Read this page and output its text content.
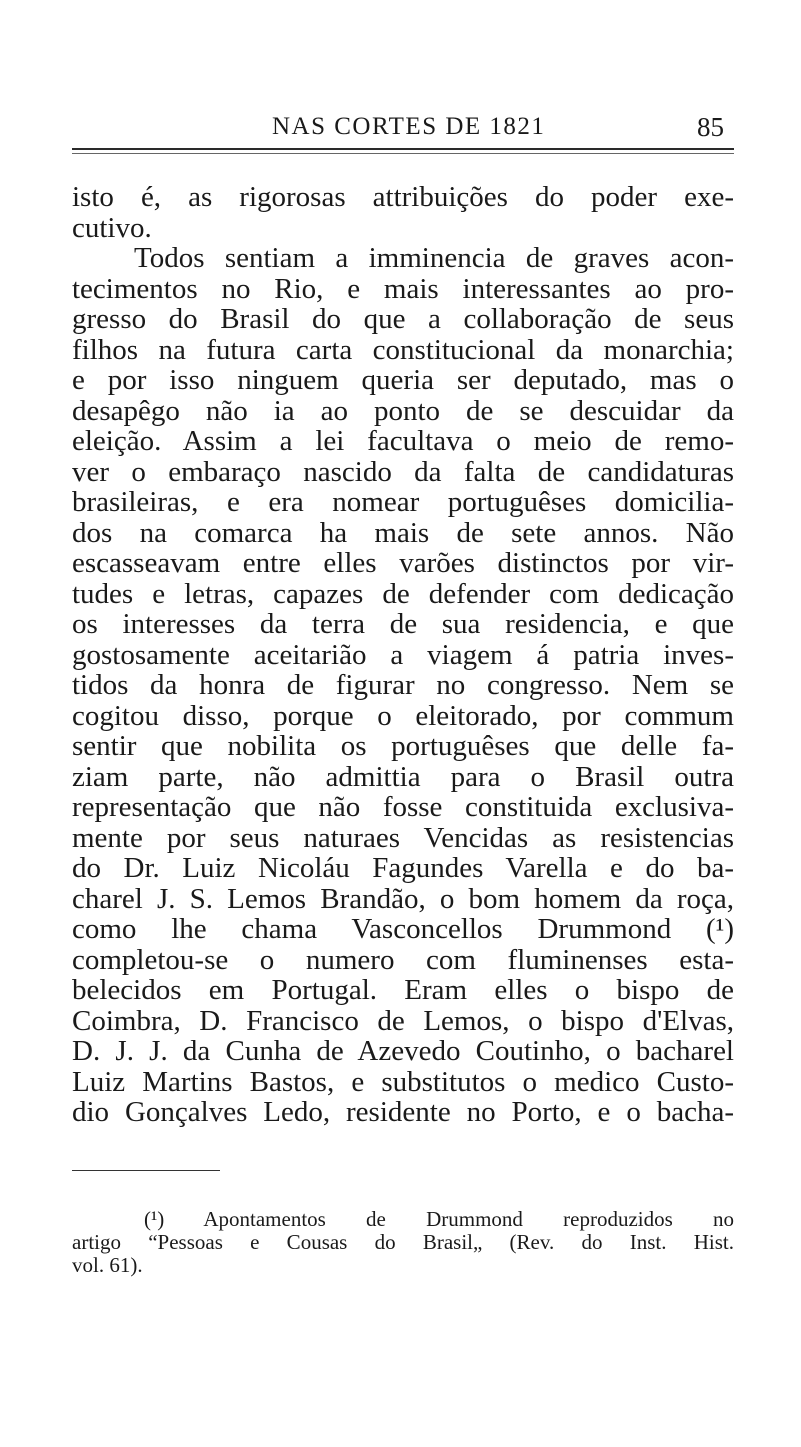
NAS CORTES DE 1821	85
isto é, as rigorosas attribuições do poder exe-
cutivo.
Todos sentiam a imminencia de graves acon-
tecimentos no Rio, e mais interessantes ao pro-
gresso do Brasil do que a collaboração de seus
filhos na futura carta constitucional da monarchia;
e por isso ninguem queria ser deputado, mas o
desapêgo não ia ao ponto de se descuidar da
eleição. Assim a lei facultava o meio de remo-
ver o embaraço nascido da falta de candidaturas
brasileiras, e era nomear portuguêses domicilia-
dos na comarca ha mais de sete annos. Não
escasseavam entre elles varões distinctos por vir-
tudes e letras, capazes de defender com dedicação
os interesses da terra de sua residencia, e que
gostosamente aceitarião a viagem á patria inves-
tidos da honra de figurar no congresso. Nem se
cogitou disso, porque o eleitorado, por commum
sentir que nobilita os portuguêses que delle fa-
ziam parte, não admittia para o Brasil outra
representação que não fosse constituida exclusiva-
mente por seus naturaes Vencidas as resistencias
do Dr. Luiz Nicoláu Fagundes Varella e do ba-
charel J. S. Lemos Brandão, o bom homem da roça,
como lhe chama Vasconcellos Drummond (¹)
completou-se o numero com fluminenses esta-
belecidos em Portugal. Eram elles o bispo de
Coimbra, D. Francisco de Lemos, o bispo d'Elvas,
D. J. J. da Cunha de Azevedo Coutinho, o bacharel
Luiz Martins Bastos, e substitutos o medico Custo-
dio Gonçalves Ledo, residente no Porto, e o bacha-
(¹) Apontamentos de Drummond reproduzidos no
artigo “Pessoas e Cousas do Brasil„ (Rev. do Inst. Hist.
vol. 61).
